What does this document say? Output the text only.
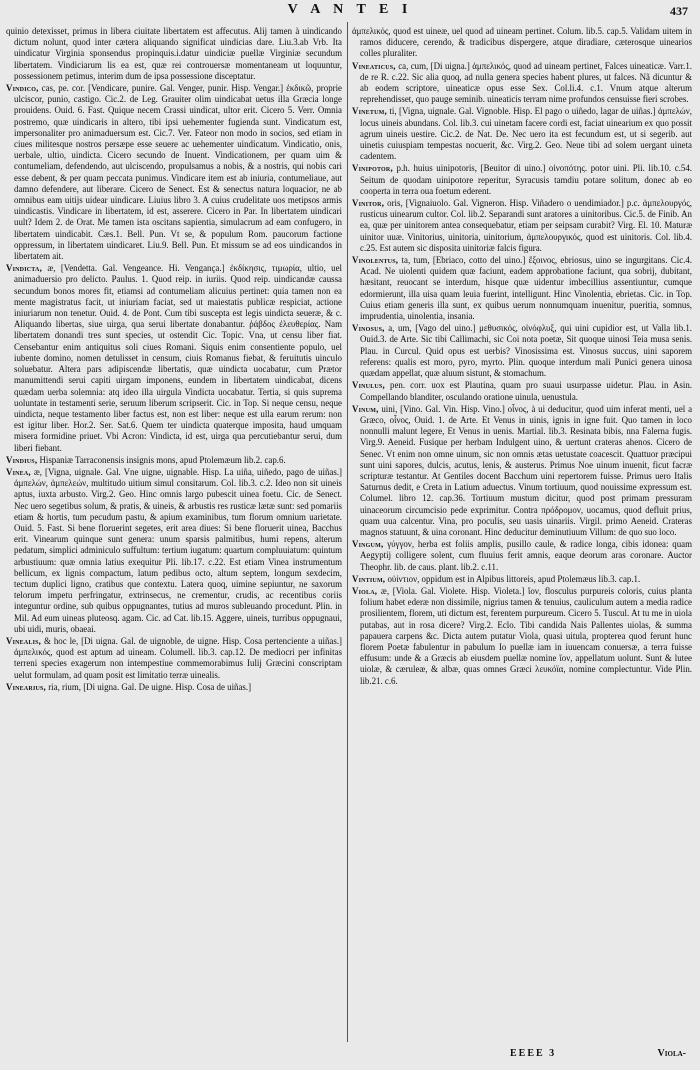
V A N T E I	437

quinio detexisset, primus in libera ciuitate libertatem est affecutus. Alij tamen à uindicando dictum nolunt, quod inter cætera aliquando significat uindicias dare. Liu.3.ab Vrb. Ita uindicatur Virginia sponsendus propinquis.i.datur uindiciæ puellæ Virginiæ secundum libertatem. Vindiciarum lis ea est, quæ rei controuersæ momentaneam ut loquuntur, possessionem petimus, interim dum de ipsa possessione disceptatur.

Vindico, cas, pe. cor. [Vendicare, punire. Gal. Venger, punir. Hisp. Vengar.] ἐκδικῶ, proprie ulciscor, punio, castigo. Cic.2. de Leg. Grauiter olim uindicabat uetus illa Græcia longe prouidens. Ouid. 6. Fast. Quique necem Crassi uindicat, ultor erit. Cicero 5. Verr. Omnia postremo, quæ uindicaris in altero, tibi ipsi uehementer fugienda sunt. Vindicatum est, impersonaliter pro animaduersum est. Cic.7. Ver. Fateor non modo in socios, sed etiam in ciues militesque nostros persæpe esse seuere ac uehementer uindicatum. Vindicatio, onis, uerbale, ultio, uindicta. Cicero secundo de Inuent. Vindicationem, per quam uim & contumeliam, defendendo, aut ulciscendo, propulsamus a nobis, & a nostris, qui nobis cari esse debent, & per quam peccata punimus. Vindicare item est ab iniuria, contumeliaue, aut damno defendere, aut liberare. Cicero de Senect. Est & senectus natura loquacior, ne ab omnibus eam uitijs uidear uindicare. Liuius libro 3. A cuius crudelitate uos metipsos armis uindicastis. Vindicare in libertatem, id est, asserere. Cicero in Par. In libertatem uindicari uult? Idem 2. de Orat. Me tamen ista oscitans sapientia, simulacrum ad eam confugero, in libertatem uindicabit. Cæs.1. Bell. Pun. Vt se, & populum Rom. paucorum factione oppressum, in libertatem uindicaret. Liu.9. Bell. Pun. Et missum se ad eos uindicandos in libertatem ait.

Vindicta, æ, [Vendetta. Gal. Vengeance. Hi. Vengança.] ἐκδίκησις, τιμωρία, ultio, uel animaduersio pro delicto. Paulus. 1. Quod reip. in iuriis. Quod reip. uindicandæ caussa secundum bonos mores fit, etiamsi ad contumeliam alicuius pertinet: quia tamen non ea mente magistratus facit, ut iniuriam faciat, sed ut maiestatis publicæ respiciat, actione iniuriarum non tenetur. Ouid. 4. de Pont. Cum tibi suscepta est legis uindicta seueræ, & c. Aliquando libertas, siue uirga, qua serui libertate donabantur. ῥάβδος ἐλευθερίας. Nam libertatem donandi tres sunt species, ut ostendit Cic. Topic. Vna, ut censu liber fiat. Censebantur enim antiquitus soli ciues Romani. Siquis enim consentiente populo, uel iubente domino, nomen detulisset in censum, ciuis Romanus fiebat, & feruitutis uinculo soluebatur. Altera pars adipiscendæ libertatis, quæ uindicta uocabatur, cum Prætor manumittendi serui capiti uirgam imponens, eundem in libertatem uindicabat, dicens quædam uerba solemnia: atq ideo illa uirgula Vindicta uocabatur. Tertia, si quis suprema uoluntate in testamenti serie, seruum liberum scripserit. Cic. in Top. Si neque censu, neque uindicta, neque testamento liber factus est, non est liber: neque est ulla earum rerum: non est igitur liber. Hor.2. Ser. Sat.6. Quem ter uindicta quaterque imposita, haud umquam misera formidine priuet. Vbi Acron: Vindicta, id est, uirga qua percutiebantur serui, dum liberi fiebant.

Vindius, Hispaniæ Tarraconensis insignis mons, apud Ptolemæum lib.2. cap.6.

Vinea, æ, [Vigna, uignale. Gal. Vne uigne, uignable. Hisp. La uiña, uiñedo, pago de uiñas.] ἀμπελών, ἀμπελεών, multitudo uitium simul consitarum. Col. lib.3. c.2. Ideo non sit uineis aptus, iuxta arbusto. Virg.2. Geo. Hinc omnis largo pubescit uinea foetu. Cic. de Senect. Nec uero segetibus solum, & pratis, & uineis, & arbustis res rusticæ lætæ sunt: sed pomariis etiam & hortis, tum pecudum pastu, & apium examinibus, tum florum omnium uarietate. Ouid. 5. Fast. Si bene floruerint segetes, erit area diues: Si bene floruerit uinea, Bacchus erit. Vinearum quinque sunt genera: unum sparsis palmitibus, humi repens, alterum pedatum, simplici adminiculo suffultum: tertium iugatum: quartum compluuiatum: quintum arbustiuum: quæ omnia latius exequitur Pli. lib.17. c.22. Est etiam Vinea instrumentum bellicum, ex lignis compactum, latum pedibus octo, altum septem, longum sexdecim, tectum duplici ligno, cratibus que contextu. Latera quoq, uimine sepiuntur, ne saxorum telorum impetu perfringatur, extrinsecus, ne crementur, crudis, ac recentibus coriis integuntur ordine, sub quibus oppugnantes, tutius ad muros subleuando procedunt. Plin. in Mil. Ad eum uineas pluteosq. agam. Cic. ad Cat. lib.15. Aggere, uineis, turribus oppugnaui, ubi uidi, muris, obaeai.

Vinealis, & hoc le, [Di uigna. Gal. de uignoble, de uigne. Hisp. Cosa pertenciente a uiñas.] ἀμπελικός, quod est aptum ad uineam. Columell. lib.3. cap.12. De mediocri per infinitas terreni species exagerum non intempestiue commemorabimus Iulij Græcini conscriptam uelut formulam, ad quam posit est limitatio terræ uinealis.

Vinearius, ria, rium, [Di uigna. Gal. De uigne. Hisp. Cosa de uiñas.]

ἀμπελικός, quod est uineæ, uel quod ad uineam pertinet. Colum. lib.5. cap.5. Validam uitem in ramos diducere, cerendo, & tradicibus dispergere, atque diradiare, cæterosque uinearios colles pluraliter.

Vineaticus, ca, cum, [Di uigna.] ἀμπελικός, quod ad uineam pertinet, Falces uineaticæ. Varr.1. de re R. c.22. Sic alia quoq, ad nulla genera species habent plures, ut falces. Nã dicuntur & ab eodem scriptore, uineaticæ opus esse Sex. Col.li.4. c.1. Vnum atque alterum reprehendisset, quo pauge seminib. uineaticis terram nime profundos censuisse fieri scrobes.

Vinetum, ti, [Vigna, uignale. Gal. Vignoble. Hisp. El pago o uiñedo, lagar de uiñas.] ἀμπελών, locus uineis abundans. Col. lib.3. cui uinetam facere cordi est, faciat uinearium ex quo possit agrum uineis uestire. Cic.2. de Nat. De. Nec uero ita est fecundum est, ut si segerib. aut uinetis cuiuspiam tempestas nocuerit, &c. Virg.2. Geo. Neue tibi ad solem uergant uineta cadentem.

Vinipotor, p.h. huius uinipotoris, [Beuitor di uino.] οἰνοπότης. potor uini. Pli. lib.10. c.54. Seitum de quodam uinipotore reperitur, Syracusis tamdiu potare solitum, donec ab eo cooperta in terra oua foetum ederent.

Vinitor, oris, [Vignaiuolo. Gal. Vigneron. Hisp. Viñadero o uendimiador.] p.c. ἀμπελουργός, rusticus uinearum cultor. Col. lib.2. Separandi sunt aratores a uinitoribus. Cic.5. de Finib. An ea, quæ per uinitorem antea consequebatur, etiam per seipsam curabit? Virg. El. 10. Maturæ uinitor uuæ. Vinitorius, uinitoria, uinitorium, ἀμπελουργικός, quod est uinitoris. Col. lib.4. c.25. Est autem sic disposita uinitoriæ falcis figura.

Vinolentus, ta, tum, [Ebriaco, cotto del uino.] ἔξοινος, ebriosus, uino se ingurgitans. Cic.4. Acad. Ne uiolenti quidem quæ faciunt, eadem approbatione faciunt, qua sobrij, dubitant, hæsitant, reuocant se interdum, hisque quæ uidentur imbecillius assentiuntur, cumque edormierunt, illa uisa quam leuia fuerint, intelligunt. Hinc Vinolentia, ebrietas. Cic. in Top. Cuius etiam generis illa sunt, ex quibus uerum nonnumquam inuenitur, pueritia, somnus, imprudentia, uinolentia, insania.

Vinosus, a, um, [Vago del uino.] μεθυσικός, οἰνόφλυξ, qui uini cupidior est, ut Valla lib.1. Ouid.3. de Arte. Sic tibi Callimachi, sic Coi nota poetæ, Sit quoque uinosi Teia musa senis. Plau. in Curcul. Quid opus est uerbis? Vinosissima est. Vinosus succus, uini saporem referens: qualis est moro, pyro, myrto. Plin. quoque interdum mali Punici genera uinosa quædam appellat, quæ aluum sistunt, & stomachum.

Vinulus, pen. corr. uox est Plautina, quam pro suaui usurpasse uidetur. Plau. in Asin. Compellando blanditer, osculando oratione uinula, uenustula.

Vinum, uini, [Vino. Gal. Vin. Hisp. Vino.] οἶνος, à ui deducitur, quod uim inferat menti, uel a Græco, οἶνος, Ouid. 1. de Arte. Et Venus in uinis, ignis in igne fuit. Quo tamen in loco nonnulli malunt legere, Et Venus in uenis. Martial. lib.3. Resinata bibis, nna Falerna fugis. Virg.9. Aeneid. Fusique per herbam Indulgent uino, & uertunt crateras ahenos. Cicero de Senec. Vt enim non omne uinum, sic non omnis ætas uetustate coacescit. Quattuor præcipui sunt uini sapores, dulcis, acutus, lenis, & austerus. Primus Noe uinum inuenit, ficut facræ scripturæ testantur. At Gentiles docent Bacchum uini repertorem fuisse. Primus uero Italis Saturnus dedit, e Creta in Latium aduectus. Vinum tortiuum, quod nouissime expressum est. Columel. libro 12. cap.36. Tortiuum mustum dicitur, quod post primam pressuram uinaceorum circumcisio pede exprimitur. Contra πρόδρομον, uocamus, quod defluit prius, quam uua calcentur. Vina, pro poculis, seu uasis uinariis. Virgil. primo Aeneid. Crateras magnos statuunt, & uina coronant. Hinc deducitur deminutiuum Villum: de quo suo loco.

Vingum, γύγγον, herba est foliis amplis, pusillo caule, & radice longa, cibis idonea: quam Aegyptij colligere solent, cum fluuius ferit amnis, eaque deorum aras coronare. Auctor Theophr. lib. de caus. plant. lib.2. c.11.

Vintium, οὐίντιον, oppidum est in Alpibus littoreis, apud Ptolemæus lib.3. cap.1.

Viola, æ, [Viola. Gal. Violete. Hisp. Violeta.] ἴον, flosculus purpureis coloris, cuius planta folium habet ederæ non dissimile, nigrius tamen & tenuius, cauliculum autem a media radice prosilientem, florem, uti dictum est, ferentem purpureum. Cicero 5. Tuscul. At tu me in uiola putabas, aut in rosa dicere? Virg.2. Eclo. Tibi candida Nais Pallentes uiolas, & summa papauera carpens &c. Dicta autem putatur Viola, quasi uitula, propterea quod ferunt hunc florem Poetæ fabulentur in pabulum Io puellæ iam in iuuencam conuersæ, a terra fuisse effusum: unde & a Græcis ab eiusdem puellæ nomine ἴον, appellatum uolunt. Sunt & lutee uiolæ, & cæruleæ, & albæ, quas omnes Græci λευκόϊα, nomine complectuntur. Vide Plin. lib.21. c.6.

EEEE 3	Viola-
